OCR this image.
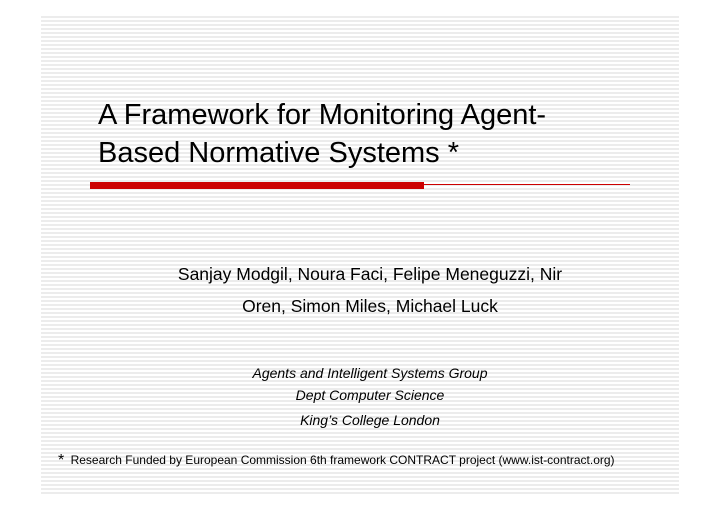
A Framework for Monitoring Agent-
Based Normative Systems *
Sanjay Modgil, Noura Faci, Felipe Meneguzzi, Nir
Oren, Simon Miles, Michael Luck
Agents and Intelligent Systems Group
Dept Computer Science
King’s College London
* Research Funded by European Commission 6th framework CONTRACT project (www.ist-contract.org)
